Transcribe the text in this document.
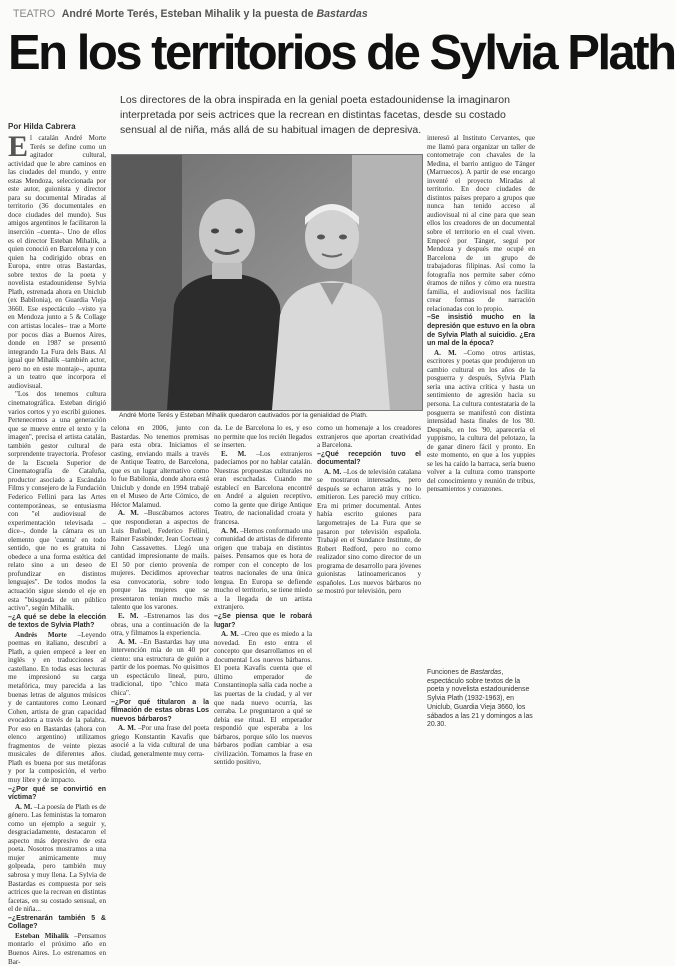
TEATRO André Morte Terés, Esteban Mihalik y la puesta de Bastardas
En los territorios de Sylvia Plath
Por Hilda Cabrera
Los directores de la obra inspirada en la genial poeta estadounidense la imaginaron interpretada por seis actrices que la recrean en distintas facetas, desde su costado sensual al de niña, más allá de su habitual imagen de depresiva.
André Morte Terés y Esteban Mihalik quedaron cautivados por la genialidad de Plath.

El catalán André Morte Terés se define como un agitador cultural, actividad que le abre caminos en las ciudades del mundo, y entre estas Mendoza, seleccionada por este autor, guionista y director para su documental Miradas al territorio (36 documentales en doce ciudades del mundo). Sus amigos argentinos le facilitaron la inserción –cuenta–. Uno de ellos es el director Esteban Mihalik, a quien conoció en Barcelona y con quien ha codirigido obras en Europa, entre otras Bastardas, sobre textos de la poeta y novelista estadounidense Sylvia Plath, estrenada ahora en Uniclub (ex Babilonia), en Guardia Vieja 3660. Ese espectáculo –visto ya en Mendoza junto a 5 & Collage con artistas locales– trae a Morte por pocos días a Buenos Aires, donde en 1987 se presentó integrando La Fura dels Baus. Al igual que Mihalik –también actor, pero no en este montaje–, apunta a un teatro que incorpora el audiovisual.

"Los dos tenemos cultura cinematográfica. Esteban dirigió varios cortos y yo escribí guiones. Pertenecemos a una generación que se mueve entre el texto y la imagen", precisa el artista catalán, también gestor cultural de sorprendente trayectoria. Profesor de la Escuela Superior de Cinematografía de Cataluña, productor asociado a Escándalo Films y consejero de la Fundación Federico Fellini para las Artes contemporáneas, se entusiasma con "el audiovisual de experimentación televisada –dice–, donde la cámara es un elemento que 'cuenta' en todo sentido, que no es gratuita ni obedece a una forma estética del relato sino a un deseo de profundizar en distintos lenguajes". De todos modos la actuación sigue siendo el eje en esta "búsqueda de un público activo", según Mihalik.

–¿A qué se debe la elección de textos de Sylvia Plath?

Andrés Morte –Leyendo poemas en italiano, descubrí a Plath, a quien empecé a leer en inglés y en traducciones al castellano. En todas esas lecturas me impresionó su carga metafórica, muy parecida a las buenas letras de algunos músicos y de cantautores como Leonard Cohen, artista de gran capacidad evocadora a través de la palabra. Por eso en Bastardas (ahora con elenco argentino) utilizamos fragmentos de veinte piezas musicales de diferentes años. Plath es buena por sus metáforas y por la composición, el verbo muy libre y de impacto.

–¿Por qué se convirtió en víctima?

A. M. –La poesía de Plath es de género. Las feministas la tomaron como un ejemplo a seguir y, desgraciadamente, destacaron el aspecto más depresivo de esta poeta. Nosotros mostramos a una mujer animicamente muy golpeada, pero también muy sabrosa y muy llena. La Sylvia de Bastardas es compuesta por seis actrices que la recrean en distintas facetas, en su costado sensual, en el de niña...

–¿Estrenarán también 5 & Collage?

Esteban Mihalik –Pensamos montarlo el próximo año en Buenos Aires. Lo estrenamos en Bar-

celona en 2006, junto con Bastardas. No tenemos premisas para esta obra. Iniciamos el casting, enviando mails a través de Antique Teatro, de Barcelona, que es un lugar alternativo como lo fue Babilonia, donde ahora está Uniclub y donde en 1994 trabajé en el Museo de Arte Cómico, de Héctor Malamud.

A. M. –Buscábamos actores que respondieran a aspectos de Luis Buñuel, Federico Fellini, Rainer Fassbinder, Jean Cocteau y John Cassavettes. Llegó una cantidad impresionante de mails. El 50 por ciento provenía de mujeres. Decidimos aprovechar esa convocatoria, sobre todo porque las mujeres que se presentaron tenían mucho más talento que los varones.

E. M. –Estrenamos las dos obras, una a continuación de la otra, y filmamos la experiencia.

A. M. –En Bastardas hay una intervención mía de un 40 por ciento: una estructura de guión a partir de los poemas. No quisimos un espectáculo lineal, puro, tradicional, tipo "chico mata chica".

–¿Por qué titularon a la filmación de estas obras Los nuevos bárbaros?

A. M. –Por una frase del poeta griego Konstantin Kavafis que asocié a la vida cultural de una ciudad, generalmente muy cerra-

da. Le de Barcelona lo es, y eso no permite que los recién llegados se inserten.

E. M. –Los extranjeros padecíamos por no hablar catalán. Nuestras propuestas culturales no eran escuchadas. Cuando me establecí en Barcelona encontré en André a alguien receptivo, como la gente que dirige Antique Teatro, de nacionalidad croata y francesa.

A. M. –Hemos conformado una comunidad de artistas de diferente origen que trabaja en distintos países. Pensamos que es hora de romper con el concepto de los teatros nacionales de una única lengua. En Europa se defiende mucho el territorio, se tiene miedo a la llegada de un artista extranjero.

–¿Se piensa que le robará lugar?

A. M. –Creo que es miedo a la novedad. En esto entra el concepto que desarrollamos en el documental Los nuevos bárbaros. El poeta Kavafis cuenta que el último emperador de Constantinopla salía cada noche a las puertas de la ciudad, y al ver que nada nuevo ocurría, las cerraba. Le preguntaron a qué se debía ese ritual. El emperador respondió que esperaba a los bárbaros, porque sólo los nuevos bárbaros podían cambiar a esa civilización. Tomamos la frase en sentido positivo,

como un homenaje a los creadores extranjeros que aportan creatividad a Barcelona.

–¿Qué recepción tuvo el documental?

A. M. –Los de televisión catalana se mostraron interesados, pero después se echaron atrás y no lo emitieron. Les pareció muy crítico. Era mi primer documental. Antes había escrito guiones para largometrajes de La Fura que se pasaron por televisión española. Trabajé en el Sundance Institute, de Robert Redford, pero no como realizador sino como director de un programa de desarrollo para jóvenes guionistas latinoamericanos y españoles. Los nuevos bárbaros no se mostró por televisión, pero

interesó al Instituto Cervantes, que me llamó para organizar un taller de contometraje con chavales de la Medina, el barrio antiguo de Tánger (Marruecos). A partir de ese encargo inventé el proyecto Miradas al territorio. En doce ciudades de distintos países preparo a grupos que nunca han tenido acceso al audiovisual ni al cine para que sean ellos los creadores de un documental sobre el territorio en el cual viven. Empecé por Tánger, seguí por Mendoza y después me ocupé en Barcelona de un grupo de trabajadoras filipinas. Así como la fotografía nos permite saber cómo éramos de niños y cómo era nuestra familia, el audiovisual nos facilita crear formas de narración relacionadas con lo propio.

–Se insistió mucho en la depresión que estuvo en la obra de Sylvia Plath al suicidio. ¿Era un mal de la época?

A. M. –Como otros artistas, escritores y poetas que produjeron un cambio cultural en los años de la posguerra y después, Sylvia Plath sería una activa crítica y hasta un sentimiento de agresión hacia su persona. La cultura contestataria de la posguerra se manifestó con distinta intensidad hasta finales de los '80. Después, en los '90, aparecería el yuppismo, la cultura del pelotazo, la de ganar dinero fácil y pronto. En este momento, en que a los yuppies se les ha caído la barraca, sería bueno volver a la cultura como transporte del conocimiento y reunión de tribus, pensamientos y corazones.

Funciones de Bastardas, espectáculo sobre textos de la poeta y novelista estadounidense Sylvia Plath (1932-1963), en Uniclub, Guardia Vieja 3660, los sábados a las 21 y domingos a las 20.30.
